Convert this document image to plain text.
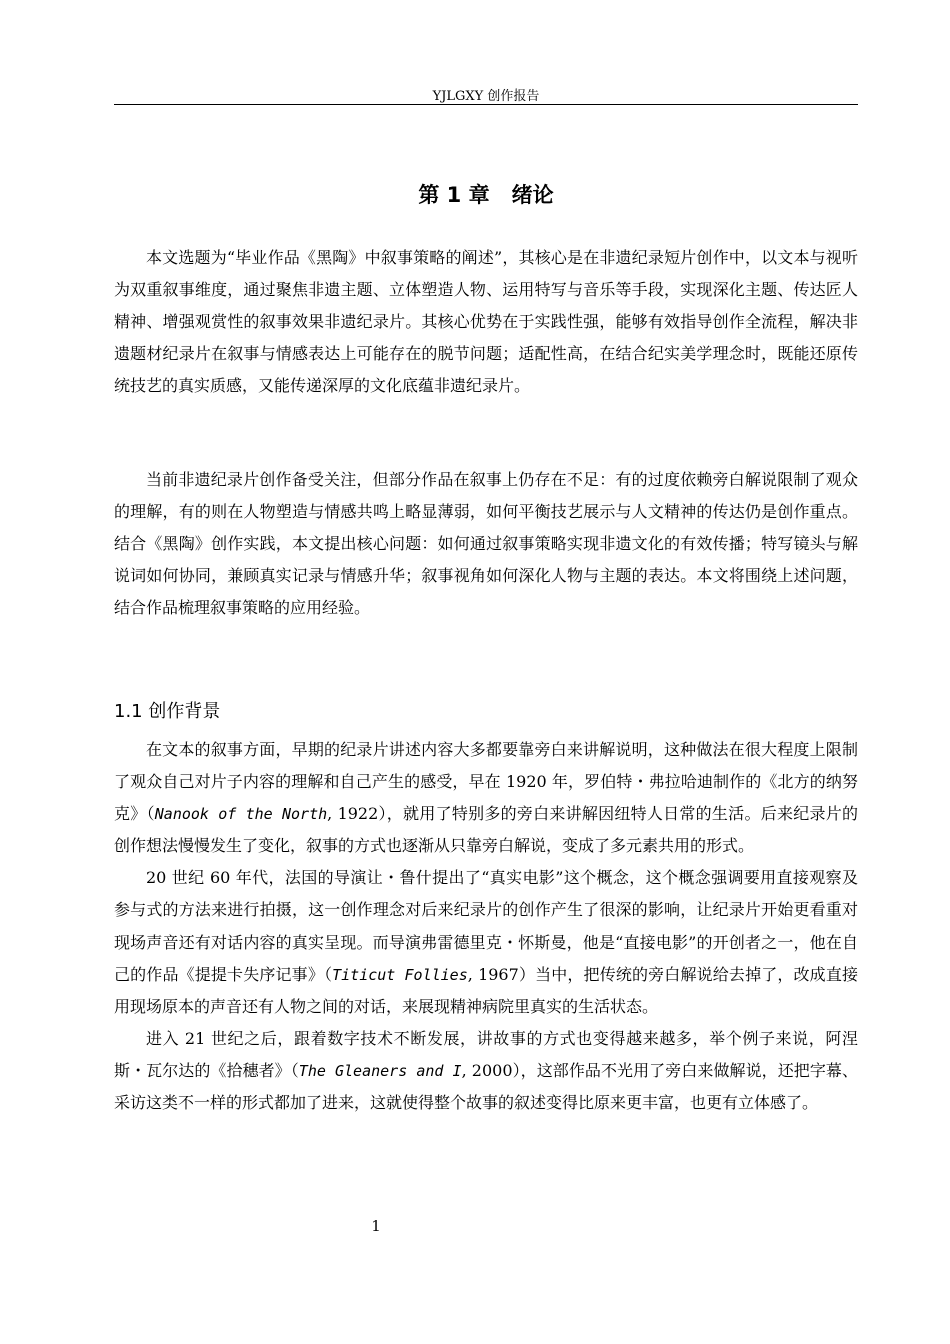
YJLGXY 创作报告
第 1 章 绪论

本文选题为“毕业作品《黑陶》中叙事策略的阐述”，其核心是在非遗纪录短片创作中，以文本与视听为双重叙事维度，通过聚焦非遗主题、立体塑造人物、运用特写与音乐等手段，实现深化主题、传达匠人精神、增强观赏性的叙事效果非遗纪录片。其核心优势在于实践性强，能够有效指导创作全流程，解决非遗题材纪录片在叙事与情感表达上可能存在的脱节问题；适配性高，在结合纪实美学理念时，既能还原传统技艺的真实质感，又能传递深厚的文化底蕴非遗纪录片。

当前非遗纪录片创作备受关注，但部分作品在叙事上仍存在不足：有的过度依赖旁白解说限制了观众的理解，有的则在人物塑造与情感共鸣上略显薄弱，如何平衡技艺展示与人文精神的传达仍是创作重点。结合《黑陶》创作实践，本文提出核心问题：如何通过叙事策略实现非遗文化的有效传播；特写镜头与解说词如何协同，兼顾真实记录与情感升华；叙事视角如何深化人物与主题的表达。本文将围绕上述问题，结合作品梳理叙事策略的应用经验。

1.1 创作背景

在文本的叙事方面，早期的纪录片讲述内容大多都要靠旁白来讲解说明，这种做法在很大程度上限制了观众自己对片子内容的理解和自己产生的感受，早在 1920 年，罗伯特・弗拉哈迪制作的《北方的纳努克》（Nanook of the North, 1922），就用了特别多的旁白来讲解因纽特人日常的生活。后来纪录片的创作想法慢慢发生了变化，叙事的方式也逐渐从只靠旁白解说，变成了多元素共用的形式。

20 世纪 60 年代，法国的导演让・鲁什提出了“真实电影”这个概念，这个概念强调要用直接观察及参与式的方法来进行拍摄，这一创作理念对后来纪录片的创作产生了很深的影响，让纪录片开始更看重对现场声音还有对话内容的真实呈现。而导演弗雷德里克・怀斯曼，他是“直接电影”的开创者之一，他在自己的作品《提提卡失序记事》（Titicut Follies, 1967）当中，把传统的旁白解说给去掉了，改成直接用现场原本的声音还有人物之间的对话，来展现精神病院里真实的生活状态。

进入 21 世纪之后，跟着数字技术不断发展，讲故事的方式也变得越来越多，举个例子来说，阿涅斯・瓦尔达的《拾穗者》（The Gleaners and I, 2000），这部作品不光用了旁白来做解说，还把字幕、采访这类不一样的形式都加了进来，这就使得整个故事的叙述变得比原来更丰富，也更有立体感了。

1
